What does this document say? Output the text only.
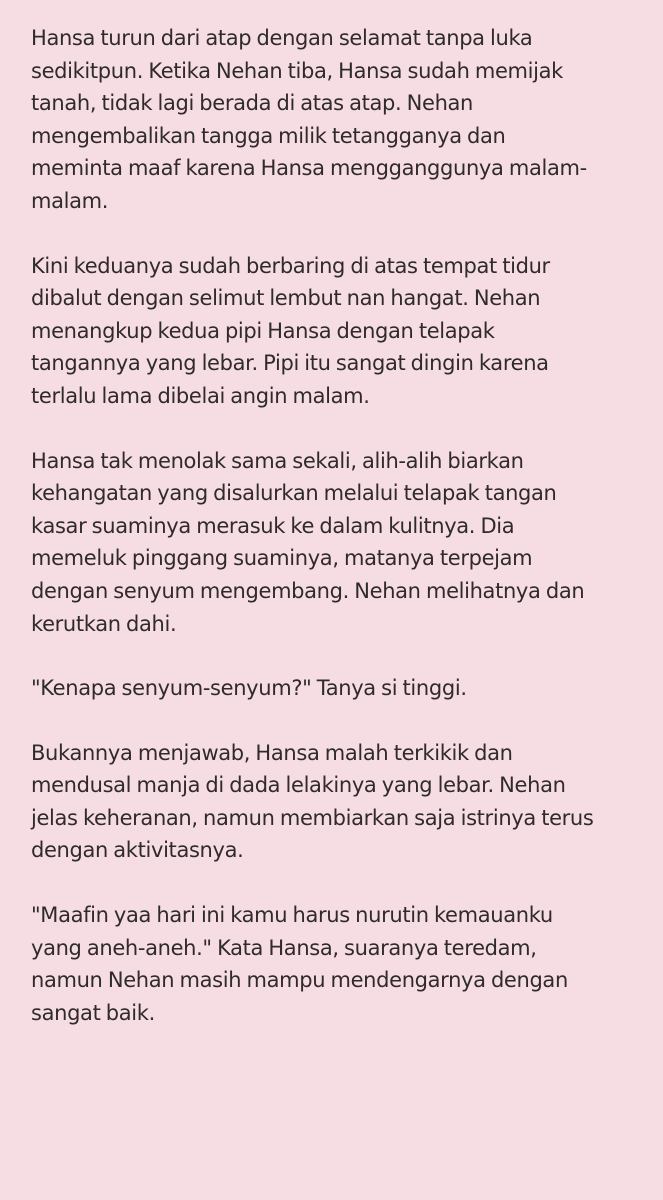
Hansa turun dari atap dengan selamat tanpa luka
sedikitpun. Ketika Nehan tiba, Hansa sudah memijak
tanah, tidak lagi berada di atas atap. Nehan
mengembalikan tangga milik tetangganya dan
meminta maaf karena Hansa mengganggunya malam-
malam.

Kini keduanya sudah berbaring di atas tempat tidur
dibalut dengan selimut lembut nan hangat. Nehan
menangkup kedua pipi Hansa dengan telapak
tangannya yang lebar. Pipi itu sangat dingin karena
terlalu lama dibelai angin malam.

Hansa tak menolak sama sekali, alih-alih biarkan
kehangatan yang disalurkan melalui telapak tangan
kasar suaminya merasuk ke dalam kulitnya. Dia
memeluk pinggang suaminya, matanya terpejam
dengan senyum mengembang. Nehan melihatnya dan
kerutkan dahi.

"Kenapa senyum-senyum?" Tanya si tinggi.

Bukannya menjawab, Hansa malah terkikik dan
mendusal manja di dada lelakinya yang lebar. Nehan
jelas keheranan, namun membiarkan saja istrinya terus
dengan aktivitasnya.

"Maafin yaa hari ini kamu harus nurutin kemauanku
yang aneh-aneh." Kata Hansa, suaranya teredam,
namun Nehan masih mampu mendengarnya dengan
sangat baik.
